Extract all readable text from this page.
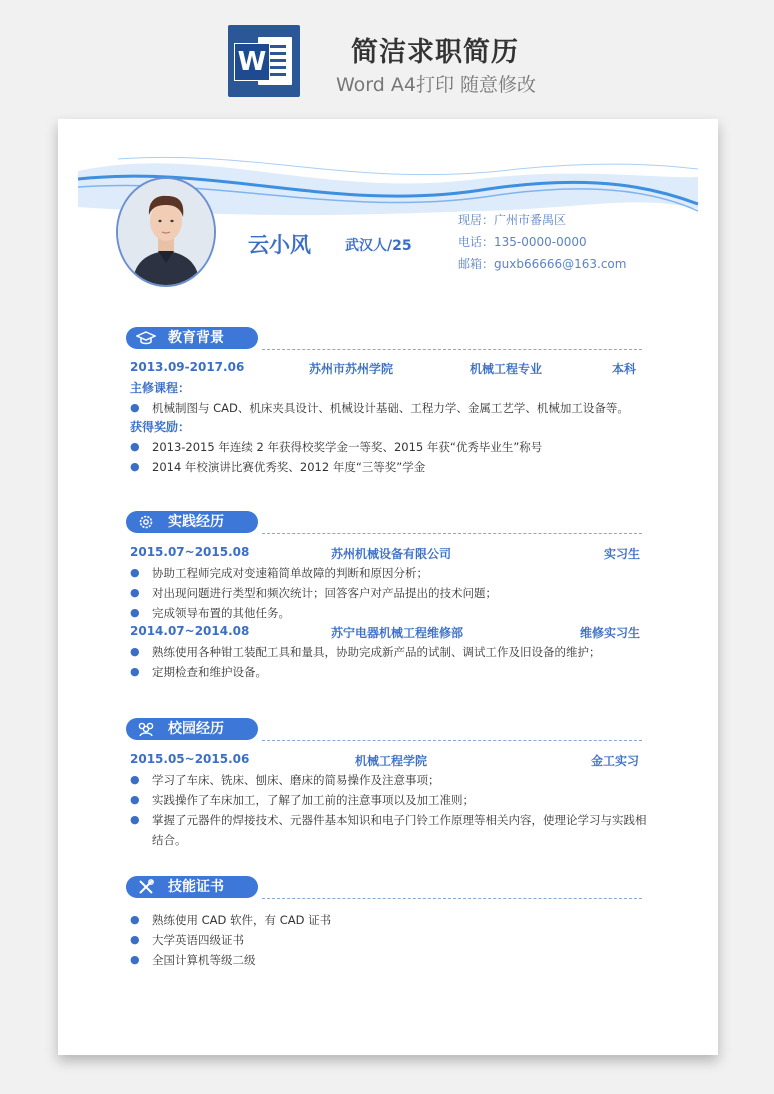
W	简洁求职简历
Word A4打印 随意修改
云小风 武汉人/25
现居：广州市番禺区
电话：135-0000-0000
邮箱：guxb66666@163.com
教育背景
2013.09-2017.06	苏州市苏州学院	机械工程专业	本科
主修课程：
● 机械制图与 CAD、机床夹具设计、机械设计基础、工程力学、金属工艺学、机械加工设备等。
获得奖励：
● 2013-2015 年连续 2 年获得校奖学金一等奖、2015 年获“优秀毕业生”称号
● 2014 年校演讲比赛优秀奖、2012 年度“三等奖”学金
实践经历
2015.07~2015.08	苏州机械设备有限公司	实习生
● 协助工程师完成对变速箱简单故障的判断和原因分析；
● 对出现问题进行类型和频次统计；回答客户对产品提出的技术问题；
● 完成领导布置的其他任务。
2014.07~2014.08	苏宁电器机械工程维修部	维修实习生
● 熟练使用各种钳工装配工具和量具，协助完成新产品的试制、调试工作及旧设备的维护；
● 定期检查和维护设备。
校园经历
2015.05~2015.06	机械工程学院	金工实习
● 学习了车床、铣床、刨床、磨床的简易操作及注意事项；
● 实践操作了车床加工，了解了加工前的注意事项以及加工准则；
● 掌握了元器件的焊接技术、元器件基本知识和电子门铃工作原理等相关内容，使理论学习与实践相
结合。
技能证书
● 熟练使用 CAD 软件，有 CAD 证书
● 大学英语四级证书
● 全国计算机等级二级
